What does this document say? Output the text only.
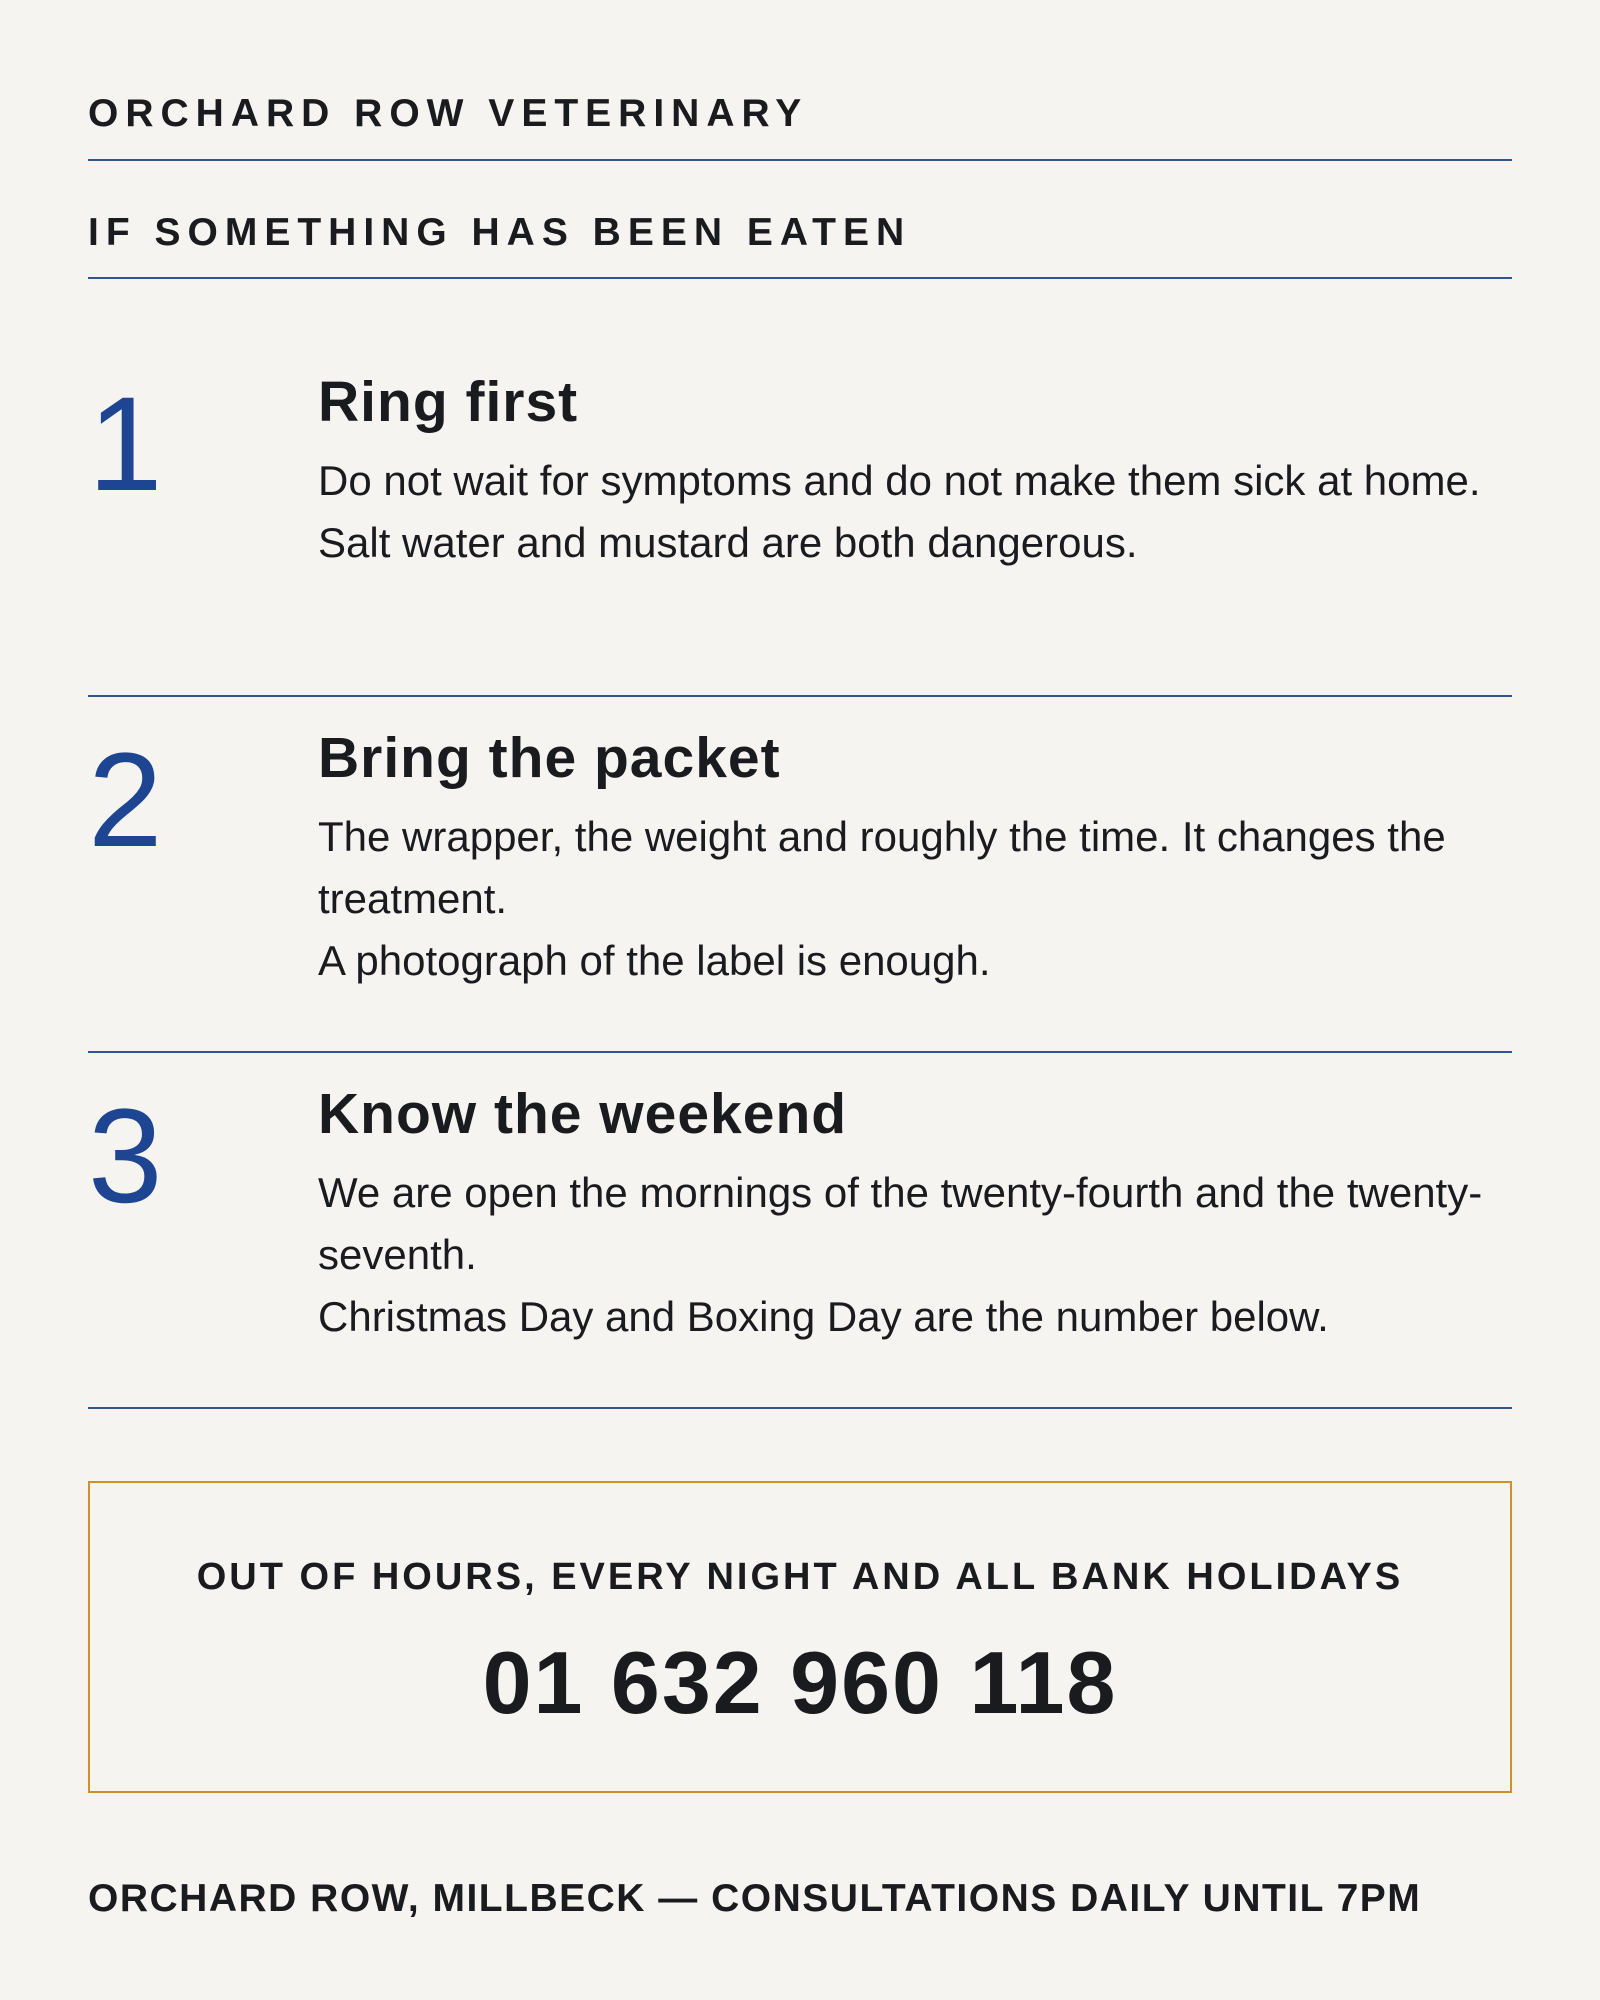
ORCHARD ROW VETERINARY
IF SOMETHING HAS BEEN EATEN
1	Ring first

Do not wait for symptoms and do not make them sick at home.

Salt water and mustard are both dangerous.

2	Bring the packet

The wrapper, the weight and roughly the time. It changes the treatment.

A photograph of the label is enough.

3	Know the weekend

We are open the mornings of the twenty-fourth and the twenty-seventh.

Christmas Day and Boxing Day are the number below.

OUT OF HOURS, EVERY NIGHT AND ALL BANK HOLIDAYS
01 632 960 118
ORCHARD ROW, MILLBECK — CONSULTATIONS DAILY UNTIL 7PM
